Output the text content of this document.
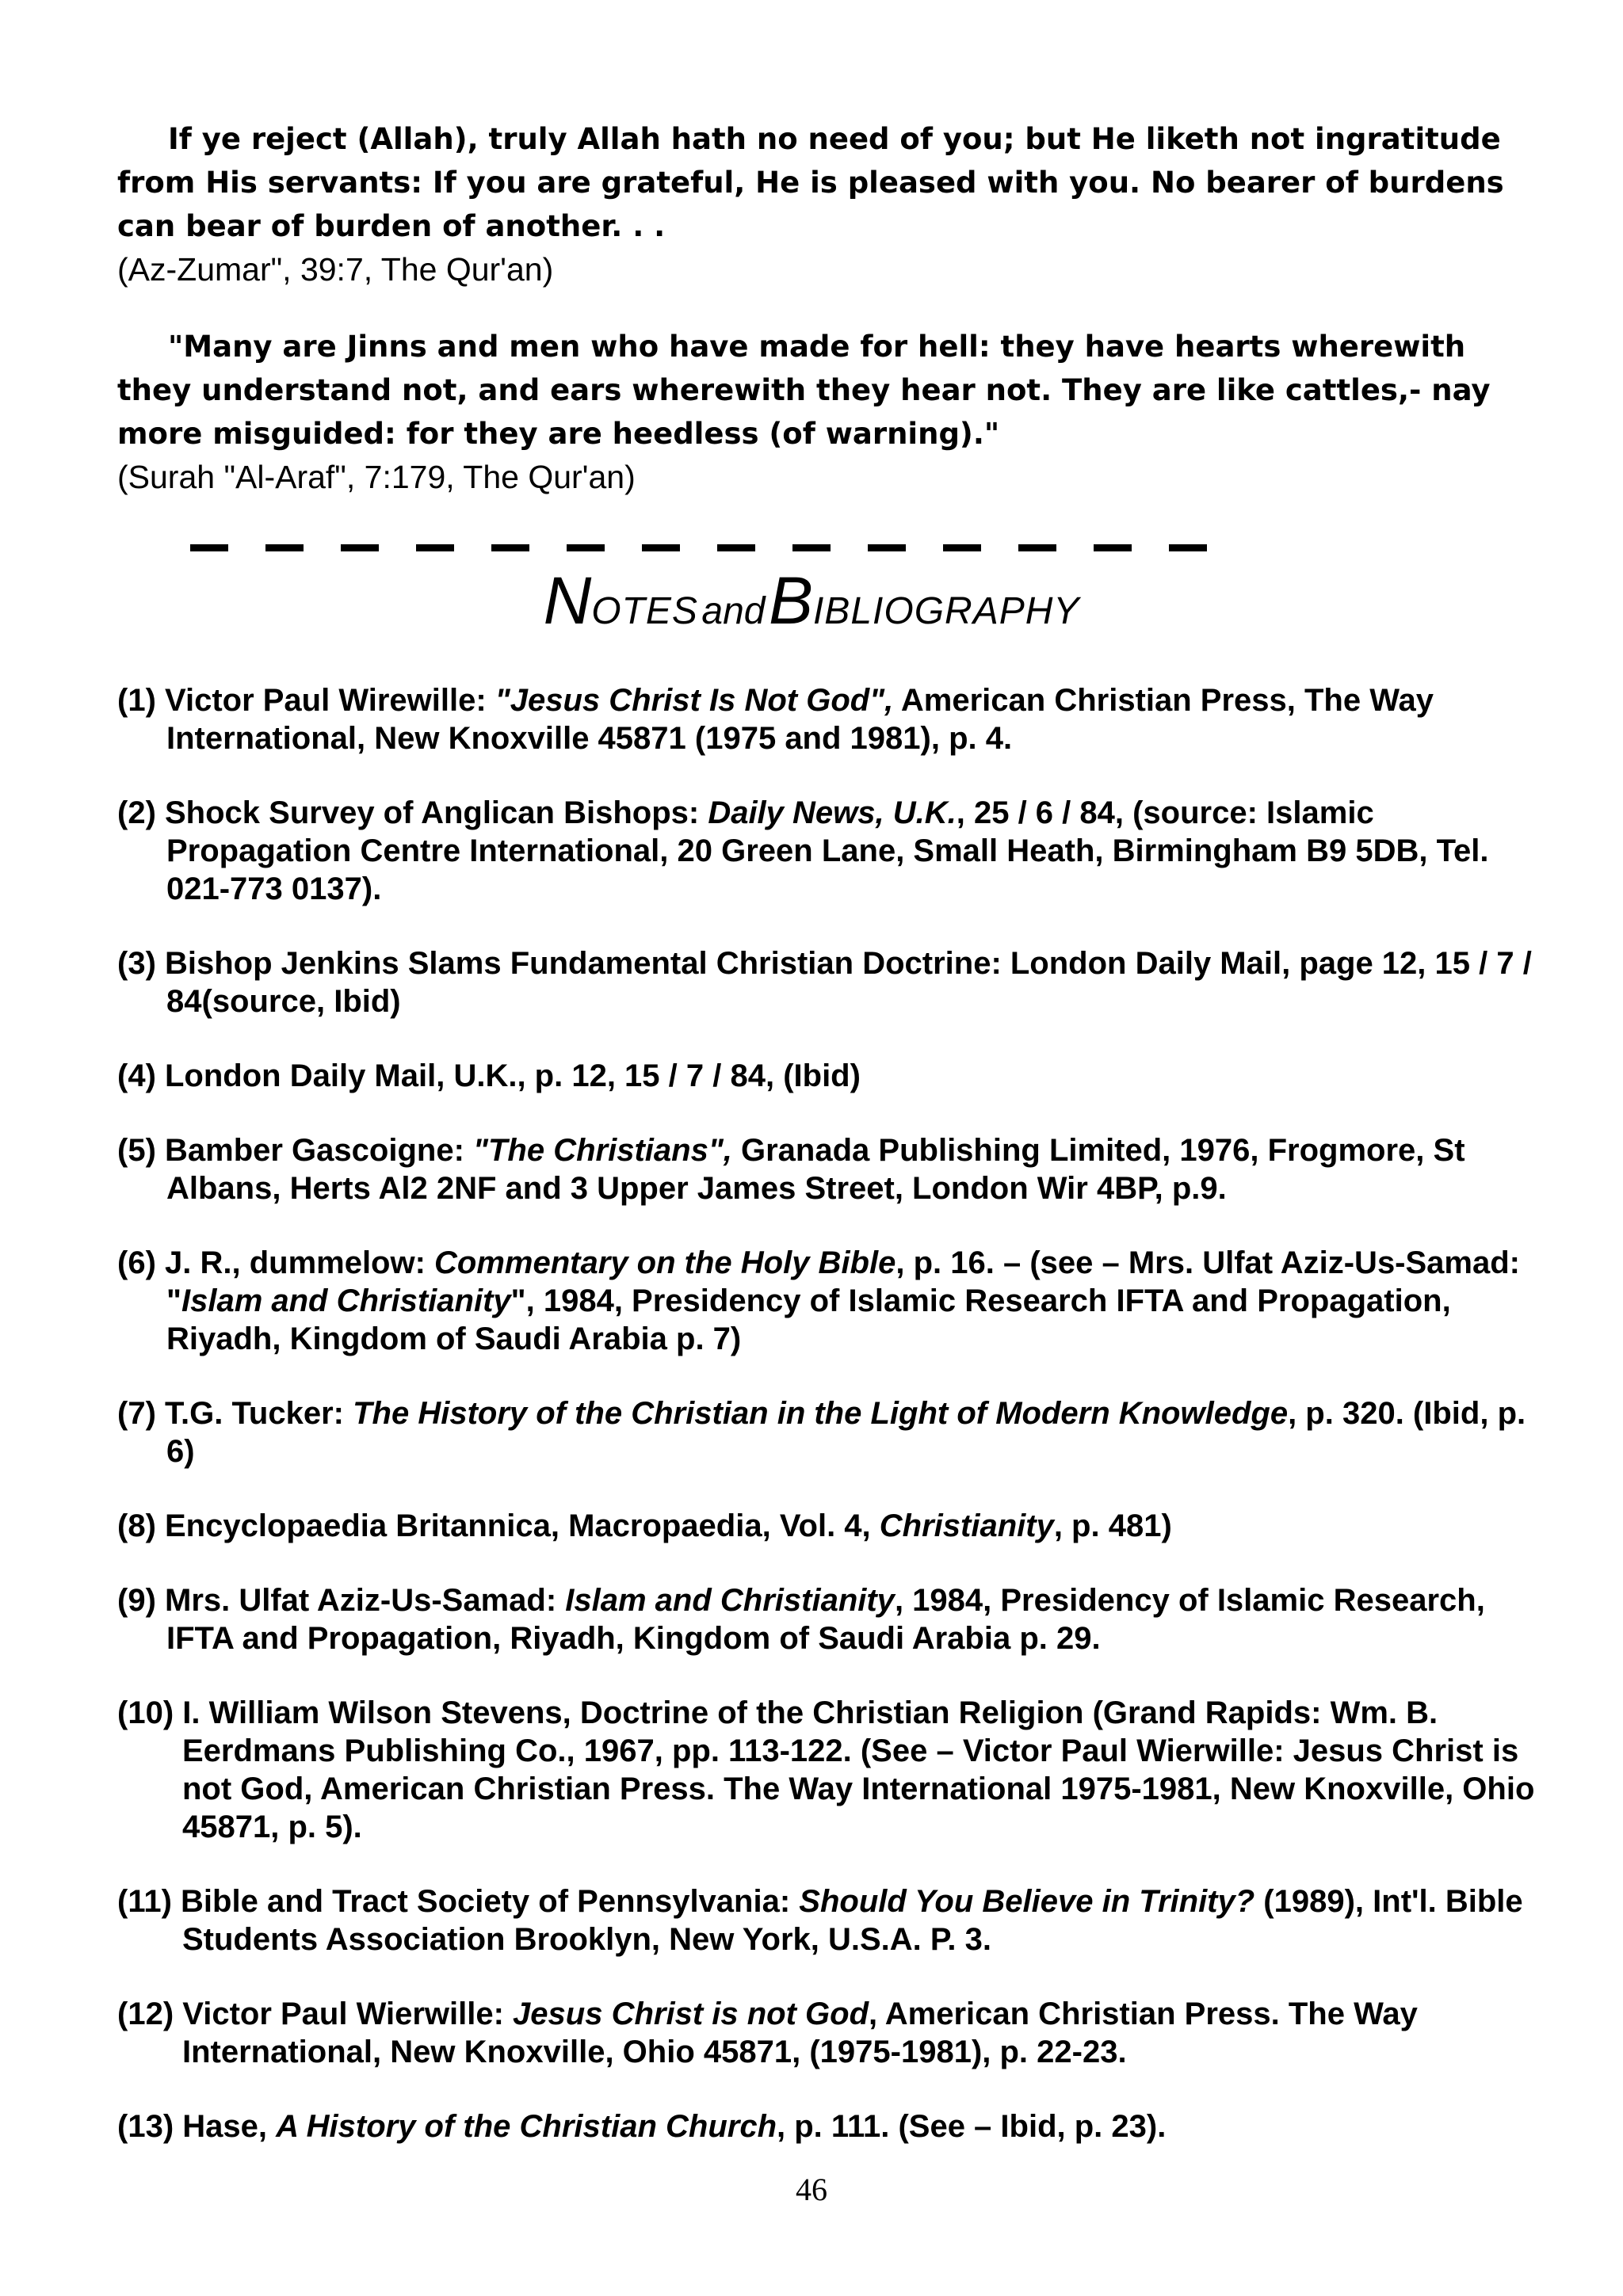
If ye reject (Allah), truly Allah hath no need of you; but He liketh not ingratitude from His servants: If you are grateful, He is pleased with you. No bearer of burdens can bear of burden of another. . .
(Az-Zumar", 39:7, The Qur'an)
"Many are Jinns and men who have made for hell: they have hearts wherewith they understand not, and ears wherewith they hear not. They are like cattles,- nay more misguided: for they are heedless (of warning)."
(Surah "Al-Araf", 7:179, The Qur'an)
NOTES and BIBLIOGRAPHY
(1) Victor Paul Wirewille: "Jesus Christ Is Not God", American Christian Press, The Way International, New Knoxville 45871 (1975 and 1981), p. 4.
(2) Shock Survey of Anglican Bishops: Daily News, U.K., 25 / 6 / 84, (source: Islamic Propagation Centre International, 20 Green Lane, Small Heath, Birmingham B9 5DB, Tel. 021-773 0137).
(3) Bishop Jenkins Slams Fundamental Christian Doctrine: London Daily Mail, page 12, 15 / 7 / 84(source, Ibid)
(4) London Daily Mail, U.K., p. 12, 15 / 7 / 84, (Ibid)
(5) Bamber Gascoigne: "The Christians", Granada Publishing Limited, 1976, Frogmore, St Albans, Herts Al2 2NF and 3 Upper James Street, London Wir 4BP, p.9.
(6) J. R., dummelow: Commentary on the Holy Bible, p. 16. – (see – Mrs. Ulfat Aziz-Us-Samad: "Islam and Christianity", 1984, Presidency of Islamic Research IFTA and Propagation, Riyadh, Kingdom of Saudi Arabia p. 7)
(7) T.G. Tucker: The History of the Christian in the Light of Modern Knowledge, p. 320. (Ibid, p. 6)
(8) Encyclopaedia Britannica, Macropaedia, Vol. 4, Christianity, p. 481)
(9) Mrs. Ulfat Aziz-Us-Samad: Islam and Christianity, 1984, Presidency of Islamic Research, IFTA and Propagation, Riyadh, Kingdom of Saudi Arabia p. 29.
(10) I. William Wilson Stevens, Doctrine of the Christian Religion (Grand Rapids: Wm. B. Eerdmans Publishing Co., 1967, pp. 113-122. (See – Victor Paul Wierwille: Jesus Christ is not God, American Christian Press. The Way International 1975-1981, New Knoxville, Ohio 45871, p. 5).
(11) Bible and Tract Society of Pennsylvania: Should You Believe in Trinity? (1989), Int'l. Bible Students Association Brooklyn, New York, U.S.A. P. 3.
(12) Victor Paul Wierwille: Jesus Christ is not God, American Christian Press. The Way International, New Knoxville, Ohio 45871, (1975-1981), p. 22-23.
(13) Hase, A History of the Christian Church, p. 111. (See – Ibid, p. 23).
46
